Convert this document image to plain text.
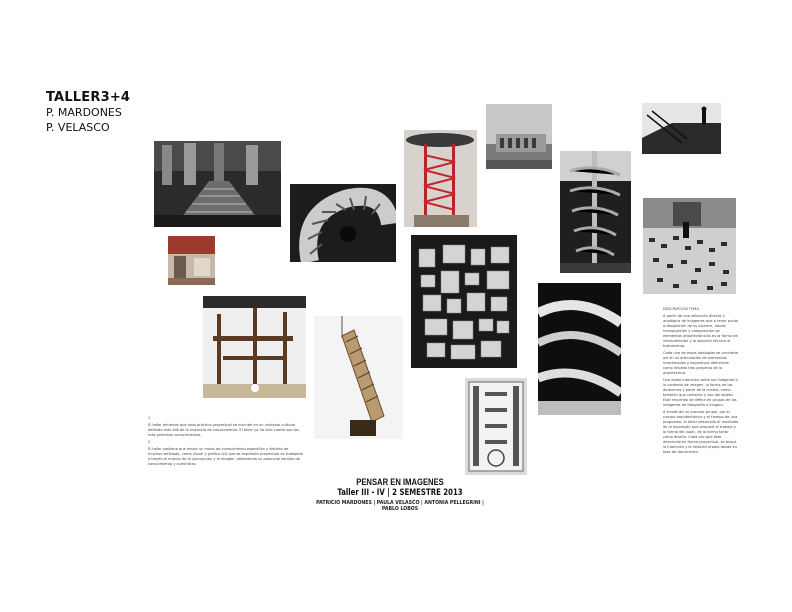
TALLER3+4
P. MARDONES
P. VELASCO

1

El taller entiende que todo práctica proyectual se inscribe en un contexto cultural definido más allá de la instancia de conocimiento. El taller ya ha sido cuales son los más próximos conocimientos.

2

El taller sostiene que existe un modo de conocimiento específico y distinto de muchos señalado, como visual y gráfico (el) que se expresión proyectual es trabajado a través el mundo de la concepción y la imagen, obteniendo su potencial sentido de conocimiento y suministro.

DESCRIPCIÓN TEMA

A partir de una selección directa y analógica de imágenes que a tener punto a disposición de su alcance, donde manipulación y composición de elementos arquitectónicos es la forma de interpretación y la solución técnica el tratamiento.

Cada una de estas tipologías se convierte así en su articulación de elementos relacionados y expresivos diferentes como llevado tras proyecto de la arquitectura.

Una doble intención sobre las imágenes y la contexto de imagen, la forma de las dinámicas y parte de la misma, como también que contexto y uso del objeto. Este recorrido se define en grupos de las imágenes de fotografía e imagen.

A través de un proceso grupal, por el cuerpo arquitectónico y el tiempo de una propuesta, el taller desarrollo el resultado de la expresión que propone el trabajo y la forma del lugar, de la forma tanto como diseño. Cada vez que éste desarrolla en forma proyectual, se busca la intención y la relación propia desde su fase de documento.

PENSAR EN IMAGENES
Taller III - IV | 2 SEMESTRE 2013
PATRICIO MARDONES | PAULA VELASCO | ANTONIA PELLEGRINI | PABLO LOBOS
